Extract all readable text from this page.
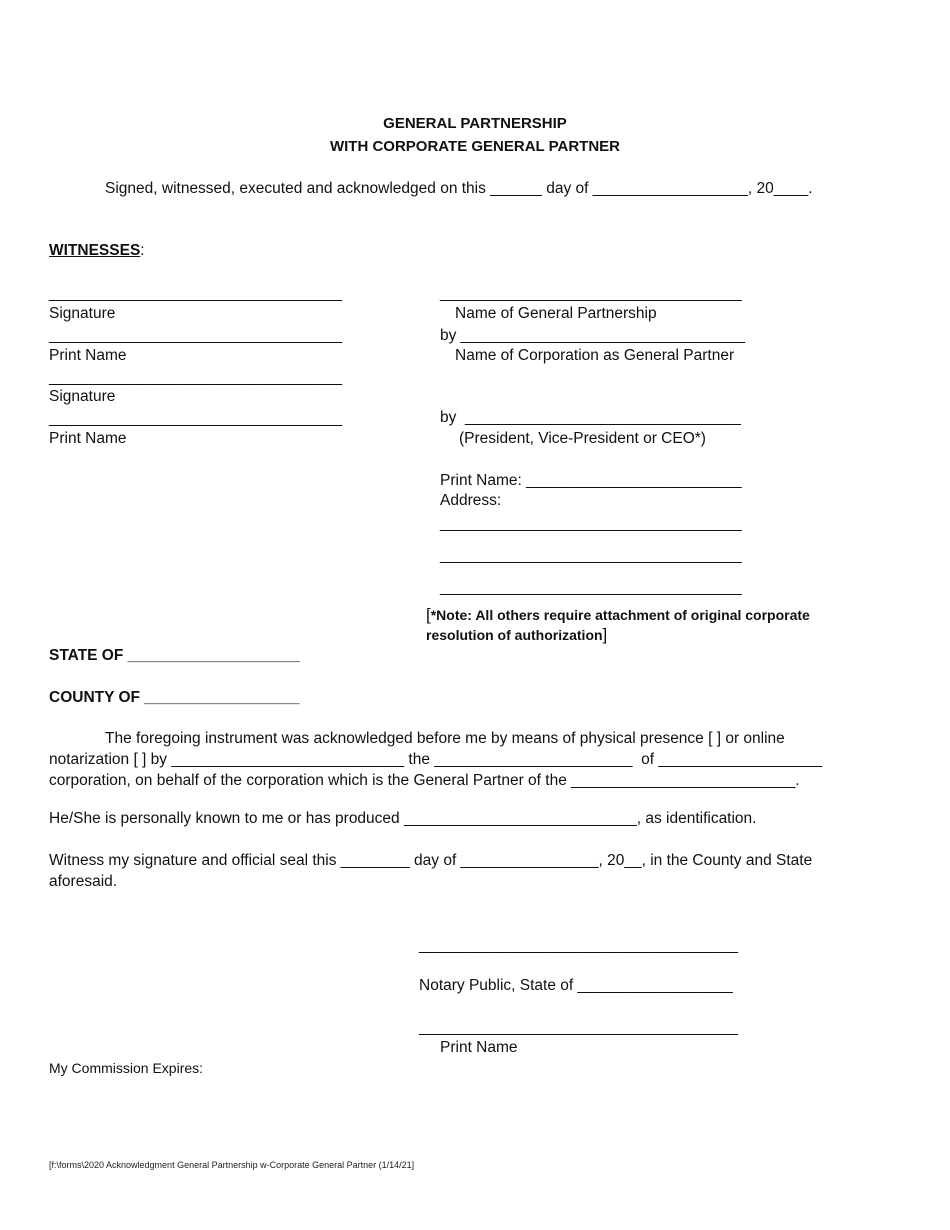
GENERAL PARTNERSHIP
WITH CORPORATE GENERAL PARTNER
Signed, witnessed, executed and acknowledged on this ______ day of __________________, 20____.
WITNESSES:
__________________________________
Signature
__________________________________
Print Name
__________________________________
Signature
__________________________________
Print Name
___________________________________
Name of General Partnership
by _________________________________
Name of Corporation as General Partner
by  ________________________________
(President, Vice-President or CEO*)
Print Name: _________________________
Address:
___________________________________
___________________________________
___________________________________
[*Note: All others require attachment of original corporate resolution of authorization]
STATE OF ____________________
COUNTY OF __________________
The foregoing instrument was acknowledged before me by means of physical presence [ ] or online
notarization [ ] by ___________________________ the _______________________  of ___________________
corporation, on behalf of the corporation which is the General Partner of the __________________________.
He/She is personally known to me or has produced ___________________________, as identification.
Witness my signature and official seal this ________ day of ________________, 20__, in the County and State
aforesaid.
_____________________________________
Notary Public, State of __________________
_____________________________________
Print Name
My Commission Expires:
[f:\forms\2020 Acknowledgment General Partnership w-Corporate General Partner (1/14/21]
